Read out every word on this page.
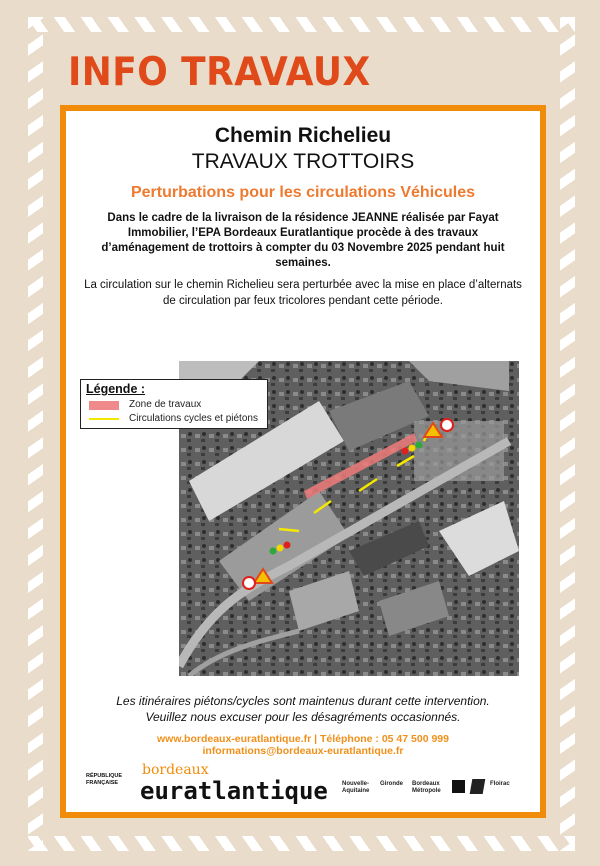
INFO TRAVAUX
Chemin Richelieu
TRAVAUX TROTTOIRS
Perturbations pour les circulations Véhicules
Dans le cadre de la livraison de la résidence JEANNE réalisée par Fayat Immobilier, l’EPA Bordeaux Euratlantique procède à des travaux d’aménagement de trottoirs à compter du 03 Novembre 2025 pendant huit semaines.
La circulation sur le chemin Richelieu sera perturbée avec la mise en place d’alternats de circulation par feux tricolores pendant cette période.
Légende :
Zone de travaux
Circulations cycles et piétons
Les itinéraires piétons/cycles sont maintenus durant cette intervention.
Veuillez nous excuser pour les désagréments occasionnés.
www.bordeaux-euratlantique.fr | Téléphone : 05 47 500 999
informations@bordeaux-euratlantique.fr
RÉPUBLIQUE FRANÇAISE
bordeaux
euratlantique Nouvelle-Aquitaine
Gironde	Bordeaux Métropole
Floirac
